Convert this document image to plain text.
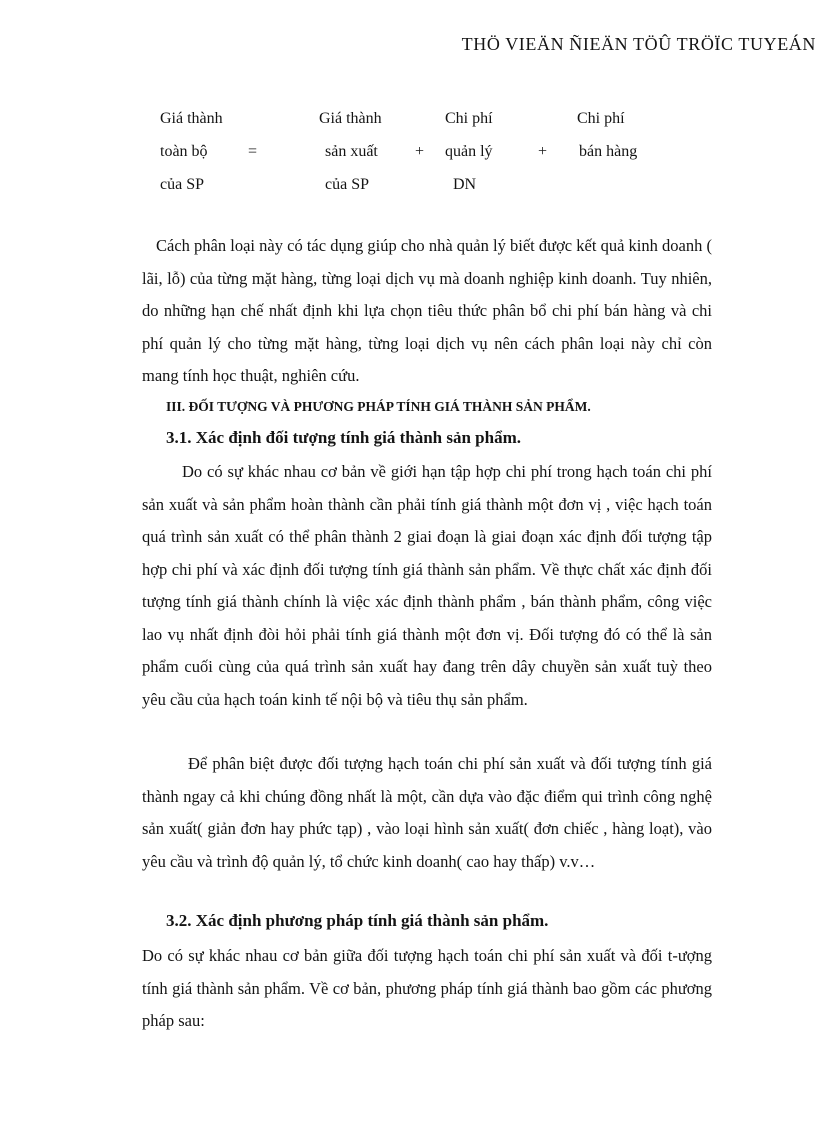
THÖ VIEÄN ÑIEÄN TÖÛ TRÖÏC TUYEÁN
Giá thành
toàn bộ
của SP
=
Giá thành
sản xuất
của SP
+
Chi phí
quản lý
DN
+
Chi phí
bán hàng

Cách phân loại này có tác dụng giúp cho nhà quản lý biết được kết quả kinh doanh ( lãi, lỗ) của từng mặt hàng, từng loại dịch vụ mà doanh nghiệp kinh doanh. Tuy nhiên, do những hạn chế nhất định khi lựa chọn tiêu thức phân bổ chi phí bán hàng và chi phí quản lý cho từng mặt hàng, từng loại dịch vụ nên cách phân loại này chỉ còn mang tính học thuật, nghiên cứu.

III. ĐỐI TƯỢNG VÀ PHƯƠNG PHÁP TÍNH GIÁ THÀNH SẢN PHẨM.
3.1. Xác định đối tượng tính giá thành sản phẩm.

Do có sự khác nhau cơ bản về giới hạn tập hợp chi phí trong hạch toán chi phí sản xuất và sản phẩm hoàn thành cần phải tính giá thành một đơn vị , việc hạch toán quá trình sản xuất có thể phân thành 2 giai đoạn là giai đoạn xác định đối tượng tập hợp chi phí và xác định đối tượng tính giá thành sản phẩm. Về thực chất xác định đối tượng tính giá thành chính là việc xác định thành phẩm , bán thành phẩm, công việc lao vụ nhất định đòi hỏi phải tính giá thành một đơn vị. Đối tượng đó có thể là sản phẩm cuối cùng của quá trình sản xuất hay đang trên dây chuyền sản xuất tuỳ theo yêu cầu của hạch toán kinh tế nội bộ và tiêu thụ sản phẩm.

Để phân biệt được đối tượng hạch toán chi phí sản xuất và đối tượng tính giá thành ngay cả khi chúng đồng nhất là một, cần dựa vào đặc điểm qui trình công nghệ sản xuất( giản đơn hay phức tạp) , vào loại hình sản xuất( đơn chiếc , hàng loạt), vào yêu cầu và trình độ quản lý, tổ chức kinh doanh( cao hay thấp) v.v…

3.2. Xác định phương pháp tính giá thành sản phẩm.

Do có sự khác nhau cơ bản giữa đối tượng hạch toán chi phí sản xuất và đối t-ượng tính giá thành sản phẩm. Về cơ bản, phương pháp tính giá thành bao gồm các phương pháp sau:
